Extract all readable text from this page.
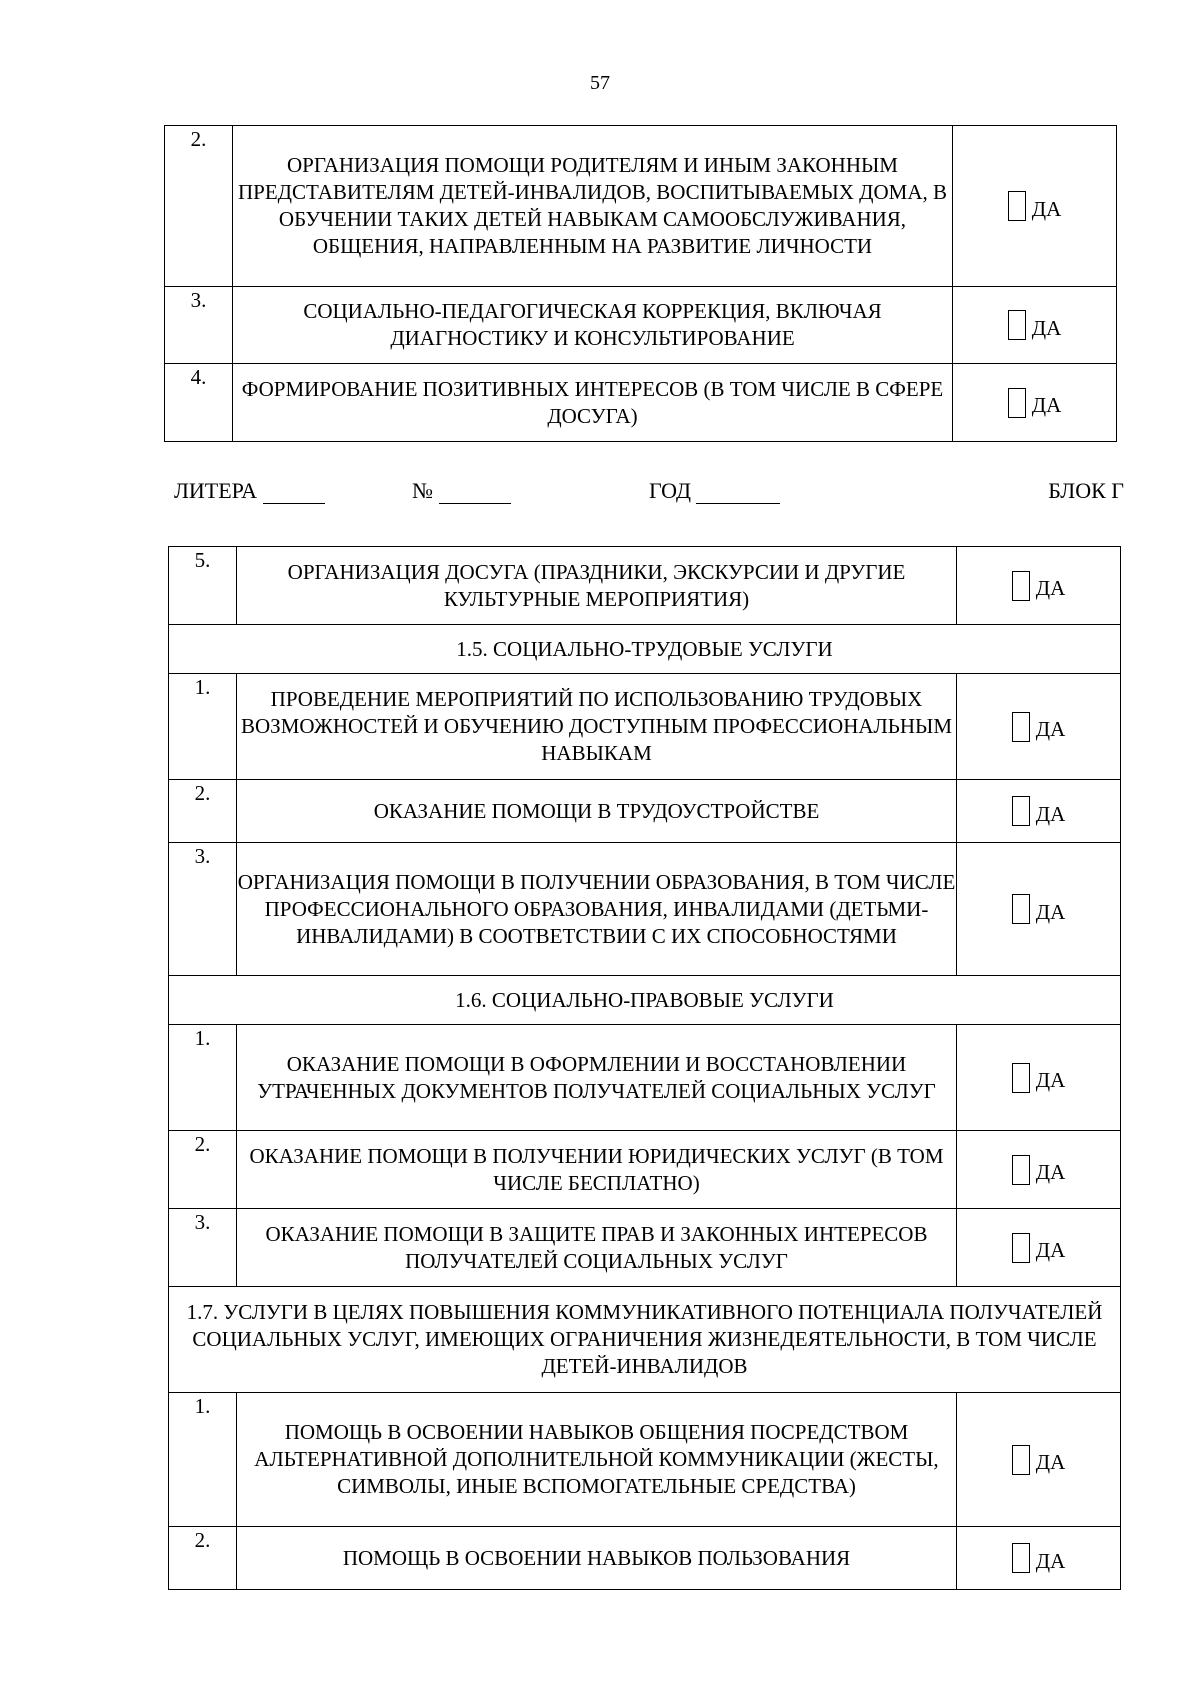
57
2.	ОРГАНИЗАЦИЯ ПОМОЩИ РОДИТЕЛЯМ И ИНЫМ ЗАКОННЫМ ПРЕДСТАВИТЕЛЯМ ДЕТЕЙ-ИНВАЛИДОВ, ВОСПИТЫВАЕМЫХ ДОМА, В ОБУЧЕНИИ ТАКИХ ДЕТЕЙ НАВЫКАМ САМООБСЛУЖИВАНИЯ, ОБЩЕНИЯ, НАПРАВЛЕННЫМ НА РАЗВИТИЕ ЛИЧНОСТИ	ДА
3.	СОЦИАЛЬНО-ПЕДАГОГИЧЕСКАЯ КОРРЕКЦИЯ, ВКЛЮЧАЯ ДИАГНОСТИКУ И КОНСУЛЬТИРОВАНИЕ	ДА
4.	ФОРМИРОВАНИЕ ПОЗИТИВНЫХ ИНТЕРЕСОВ (В ТОМ ЧИСЛЕ В СФЕРЕ ДОСУГА)	ДА
ЛИТЕРА	№	ГОД	БЛОК Г
5.	ОРГАНИЗАЦИЯ ДОСУГА (ПРАЗДНИКИ, ЭКСКУРСИИ И ДРУГИЕ КУЛЬТУРНЫЕ МЕРОПРИЯТИЯ)	ДА
1.5. СОЦИАЛЬНО-ТРУДОВЫЕ УСЛУГИ		
1.	ПРОВЕДЕНИЕ МЕРОПРИЯТИЙ ПО ИСПОЛЬЗОВАНИЮ ТРУДОВЫХ ВОЗМОЖНОСТЕЙ И ОБУЧЕНИЮ ДОСТУПНЫМ ПРОФЕССИОНАЛЬНЫМ НАВЫКАМ	ДА
2.	ОКАЗАНИЕ ПОМОЩИ В ТРУДОУСТРОЙСТВЕ	ДА
3.	ОРГАНИЗАЦИЯ ПОМОЩИ В ПОЛУЧЕНИИ ОБРАЗОВАНИЯ, В ТОМ ЧИСЛЕ ПРОФЕССИОНАЛЬНОГО ОБРАЗОВАНИЯ, ИНВАЛИДАМИ (ДЕТЬМИ-ИНВАЛИДАМИ) В СООТВЕТСТВИИ С ИХ СПОСОБНОСТЯМИ	ДА
1.6. СОЦИАЛЬНО-ПРАВОВЫЕ УСЛУГИ		
1.	ОКАЗАНИЕ ПОМОЩИ В ОФОРМЛЕНИИ И ВОССТАНОВЛЕНИИ УТРАЧЕННЫХ ДОКУМЕНТОВ ПОЛУЧАТЕЛЕЙ СОЦИАЛЬНЫХ УСЛУГ	ДА
2.	ОКАЗАНИЕ ПОМОЩИ В ПОЛУЧЕНИИ ЮРИДИЧЕСКИХ УСЛУГ (В ТОМ ЧИСЛЕ БЕСПЛАТНО)	ДА
3.	ОКАЗАНИЕ ПОМОЩИ В ЗАЩИТЕ ПРАВ И ЗАКОННЫХ ИНТЕРЕСОВ ПОЛУЧАТЕЛЕЙ СОЦИАЛЬНЫХ УСЛУГ	ДА
1.7. УСЛУГИ В ЦЕЛЯХ ПОВЫШЕНИЯ КОММУНИКАТИВНОГО ПОТЕНЦИАЛА ПОЛУЧАТЕЛЕЙ СОЦИАЛЬНЫХ УСЛУГ, ИМЕЮЩИХ ОГРАНИЧЕНИЯ ЖИЗНЕДЕЯТЕЛЬНОСТИ, В ТОМ ЧИСЛЕ ДЕТЕЙ-ИНВАЛИДОВ		
1.	ПОМОЩЬ В ОСВОЕНИИ НАВЫКОВ ОБЩЕНИЯ ПОСРЕДСТВОМ АЛЬТЕРНАТИВНОЙ ДОПОЛНИТЕЛЬНОЙ КОММУНИКАЦИИ (ЖЕСТЫ, СИМВОЛЫ, ИНЫЕ ВСПОМОГАТЕЛЬНЫЕ СРЕДСТВА)	ДА
2.	ПОМОЩЬ В ОСВОЕНИИ НАВЫКОВ ПОЛЬЗОВАНИЯ	ДА
